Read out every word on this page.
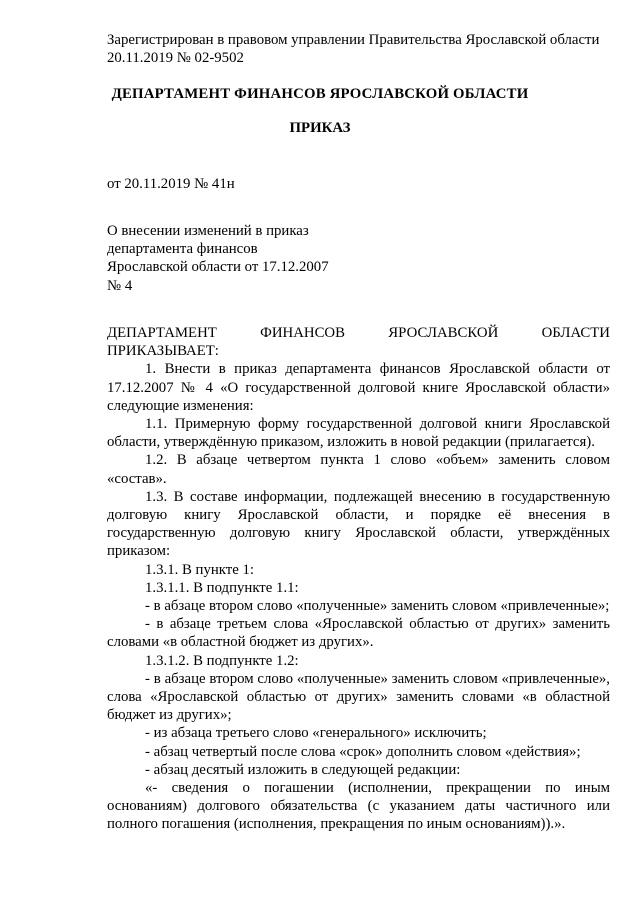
Зарегистрирован в правовом управлении Правительства Ярославской области
20.11.2019 № 02-9502
ДЕПАРТАМЕНТ ФИНАНСОВ ЯРОСЛАВСКОЙ ОБЛАСТИ
ПРИКАЗ
от 20.11.2019 № 41н
О внесении изменений в приказ
департамента финансов
Ярославской области от 17.12.2007
№ 4

ДЕПАРТАМЕНТ ФИНАНСОВ ЯРОСЛАВСКОЙ ОБЛАСТИ

ПРИКАЗЫВАЕТ:

1. Внести в приказ департамента финансов Ярославской области от 17.12.2007 № 4 «О государственной долговой книге Ярославской области» следующие изменения:

1.1. Примерную форму государственной долговой книги Ярославской области, утверждённую приказом, изложить в новой редакции (прилагается).

1.2. В абзаце четвертом пункта 1 слово «объем» заменить словом «состав».

1.3. В составе информации, подлежащей внесению в государственную долговую книгу Ярославской области, и порядке её внесения в государственную долговую книгу Ярославской области, утверждённых приказом:

1.3.1. В пункте 1:

1.3.1.1. В подпункте 1.1:

- в абзаце втором слово «полученные» заменить словом «привлеченные»;

- в абзаце третьем слова «Ярославской областью от других» заменить словами «в областной бюджет из других».

1.3.1.2. В подпункте 1.2:

- в абзаце втором слово «полученные» заменить словом «привлеченные», слова «Ярославской областью от других» заменить словами «в областной бюджет из других»;

- из абзаца третьего слово «генерального» исключить;

- абзац четвертый после слова «срок» дополнить словом «действия»;

- абзац десятый изложить в следующей редакции:

«- сведения о погашении (исполнении, прекращении по иным основаниям) долгового обязательства (с указанием даты частичного или полного погашения (исполнения, прекращения по иным основаниям)).».
